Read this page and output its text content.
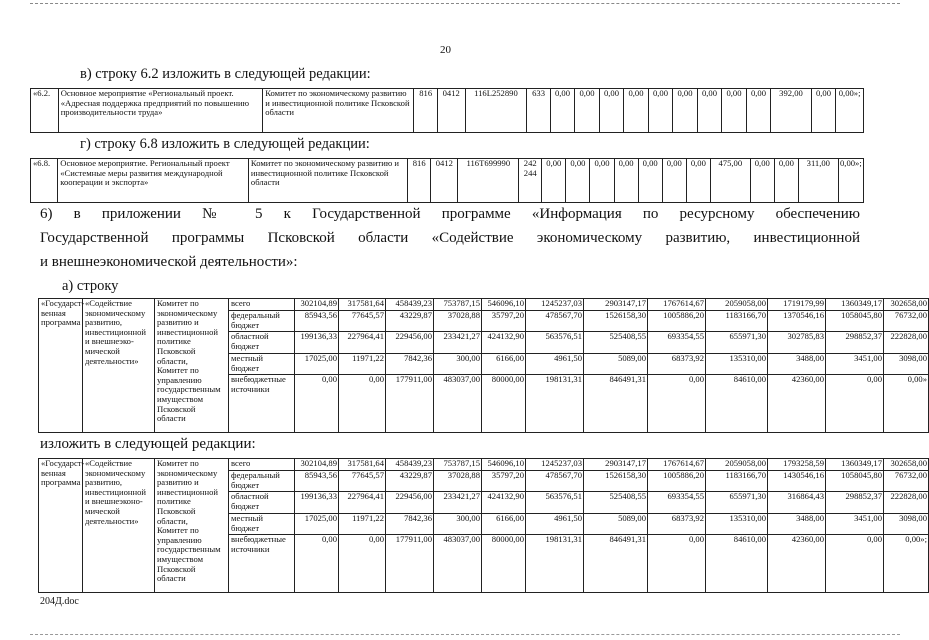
20
в) строку 6.2 изложить в следующей редакции:
«6.2.	Основное мероприятие «Региональный проект. «Адресная поддержка предприятий по повышению производительности труда»	Комитет по экономическому развитию и инвестиционной политике Псковской области	816	0412	116L252890	633	0,00	0,00	0,00	0,00	0,00	0,00	0,00	0,00	0,00	392,00	0,00	0,00»;
г) строку 6.8 изложить в следующей редакции:
«6.8.	Основное мероприятие. Региональный проект «Системные меры развития международной кооперации и экспорта»	Комитет по экономическому развитию и инвестиционной политике Псковской области	816	0412	116Т699990	242 244	0,00	0,00	0,00	0,00	0,00	0,00	0,00	475,00	0,00	0,00	311,00	0,00»;
6) в приложении № 5 к Государственной программе «Информация по ресурсному обеспечению
Государственной программы Псковской области «Содействие экономическому развитию, инвестиционной
и внешнеэкономической деятельности»:
а) строку
«Государст-венная программа	«Содействие экономическому развитию, инвестиционной и внешнеэко-мической деятельности»	Комитет по экономическому развитию и инвестиционной политике Псковской области,
Комитет по управлению государственным имуществом Псковской области	всего	302104,89	317581,64	458439,23	753787,15	546096,10	1245237,03	2903147,17	1767614,67	2059058,00	1719179,99	1360349,17	302658,00
			федеральный бюджет	85943,56	77645,57	43229,87	37028,88	35797,20	478567,70	1526158,30	1005886,20	1183166,70	1370546,16	1058045,80	76732,00
			областной бюджет	199136,33	227964,41	229456,00	233421,27	424132,90	563576,51	525408,55	693354,55	655971,30	302785,83	298852,37	222828,00
			местный бюджет	17025,00	11971,22	7842,36	300,00	6166,00	4961,50	5089,00	68373,92	135310,00	3488,00	3451,00	3098,00
			внебюджетные источники	0,00	0,00	177911,00	483037,00	80000,00	198131,31	846491,31	0,00	84610,00	42360,00	0,00	0,00»
изложить в следующей редакции:
«Государст-венная программа	«Содействие экономическому развитию, инвестиционной и внешнеэконо-мической деятельности»	Комитет по экономическому развитию и инвестиционной политике Псковской области,
Комитет по управлению государственным имуществом Псковской области	всего	302104,89	317581,64	458439,23	753787,15	546096,10	1245237,03	2903147,17	1767614,67	2059058,00	1793258,59	1360349,17	302658,00
			федеральный бюджет	85943,56	77645,57	43229,87	37028,88	35797,20	478567,70	1526158,30	1005886,20	1183166,70	1430546,16	1058045,80	76732,00
			областной бюджет	199136,33	227964,41	229456,00	233421,27	424132,90	563576,51	525408,55	693354,55	655971,30	316864,43	298852,37	222828,00
			местный бюджет	17025,00	11971,22	7842,36	300,00	6166,00	4961,50	5089,00	68373,92	135310,00	3488,00	3451,00	3098,00
			внебюджетные источники	0,00	0,00	177911,00	483037,00	80000,00	198131,31	846491,31	0,00	84610,00	42360,00	0,00	0,00»;
204Д.doc
